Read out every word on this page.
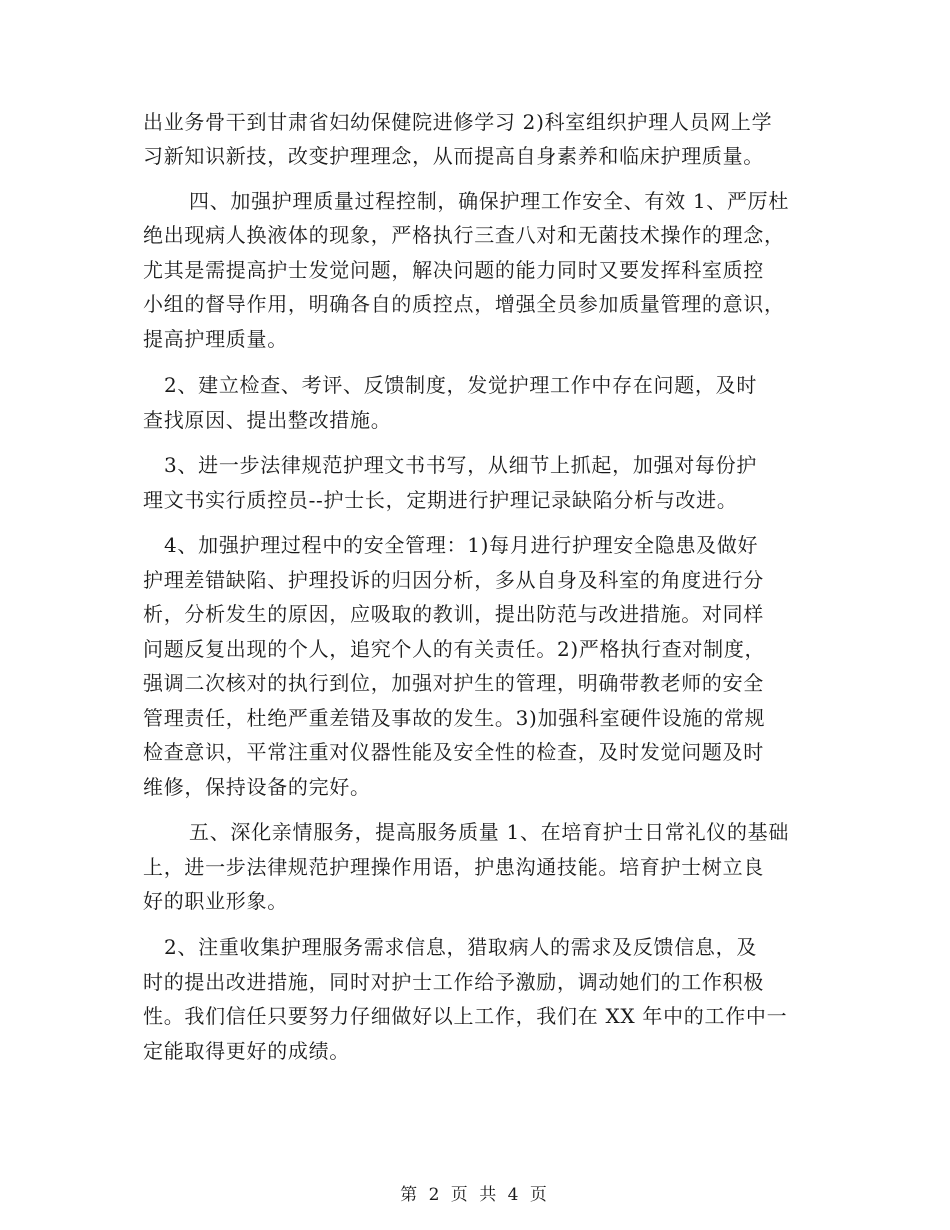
出业务骨干到甘肃省妇幼保健院进修学习 2)科室组织护理人员网上学
习新知识新技，改变护理理念，从而提高自身素养和临床护理质量。
四、加强护理质量过程控制，确保护理工作安全、有效 1、严厉杜
绝出现病人换液体的现象，严格执行三查八对和无菌技术操作的理念，
尤其是需提高护士发觉问题，解决问题的能力同时又要发挥科室质控
小组的督导作用，明确各自的质控点，增强全员参加质量管理的意识，
提高护理质量。
2、建立检查、考评、反馈制度，发觉护理工作中存在问题，及时
查找原因、提出整改措施。
3、进一步法律规范护理文书书写，从细节上抓起，加强对每份护
理文书实行质控员--护士长，定期进行护理记录缺陷分析与改进。
4、加强护理过程中的安全管理：1)每月进行护理安全隐患及做好
护理差错缺陷、护理投诉的归因分析，多从自身及科室的角度进行分
析，分析发生的原因，应吸取的教训，提出防范与改进措施。对同样
问题反复出现的个人，追究个人的有关责任。2)严格执行查对制度，
强调二次核对的执行到位，加强对护生的管理，明确带教老师的安全
管理责任，杜绝严重差错及事故的发生。3)加强科室硬件设施的常规
检查意识，平常注重对仪器性能及安全性的检查，及时发觉问题及时
维修，保持设备的完好。
五、深化亲情服务，提高服务质量 1、在培育护士日常礼仪的基础
上，进一步法律规范护理操作用语，护患沟通技能。培育护士树立良
好的职业形象。
2、注重收集护理服务需求信息，猎取病人的需求及反馈信息，及
时的提出改进措施，同时对护士工作给予激励，调动她们的工作积极
性。我们信任只要努力仔细做好以上工作，我们在 XX 年中的工作中一
定能取得更好的成绩。
第 2 页 共 4 页
